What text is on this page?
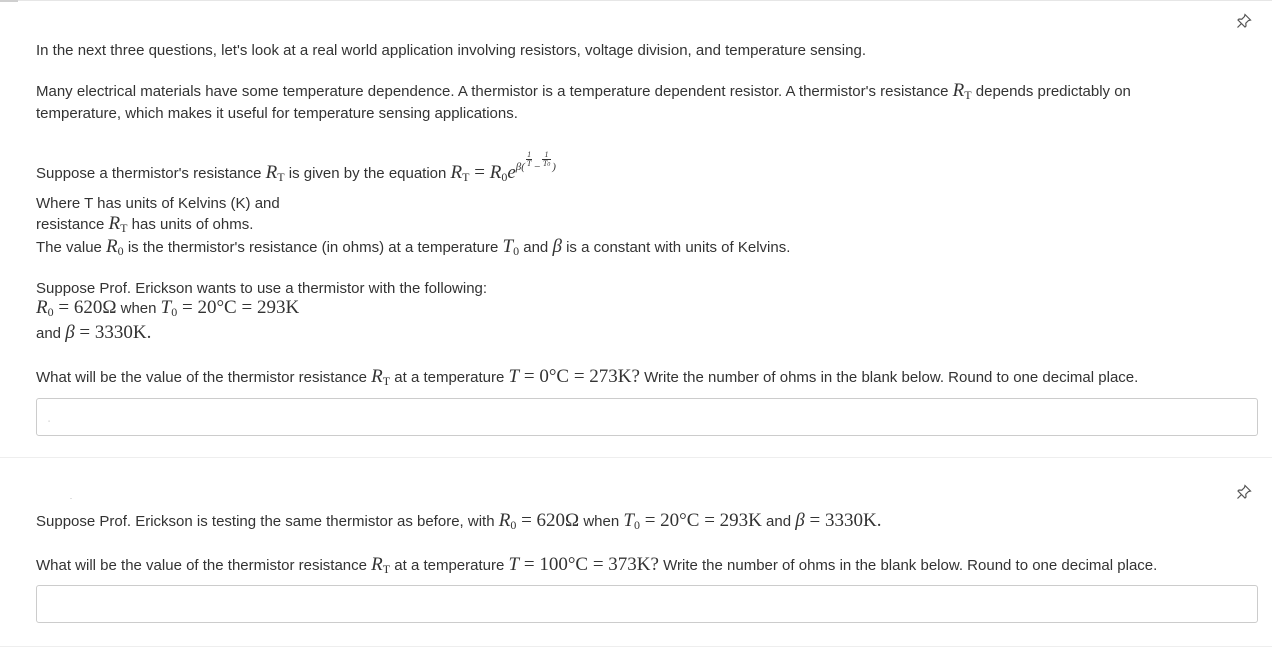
In the next three questions, let's look at a real world application involving resistors, voltage division, and temperature sensing.
Many electrical materials have some temperature dependence. A thermistor is a temperature dependent resistor. A thermistor's resistance $R_T$ depends predictably on
temperature, which makes it useful for temperature sensing applications.
Suppose a thermistor's resistance $R_T$ is given by the equation $R_T = R_0e^{\beta( \frac{1}{T} - \frac{1}{T0} )}$
Where T has units of Kelvins (K) and
resistance $R_T$ has units of ohms.
The value $R_0$ is the thermistor's resistance (in ohms) at a temperature $T_0$ and β is a constant with units of Kelvins.
Suppose Prof. Erickson wants to use a thermistor with the following:
$R_0 = 620\Omega$ when $T_0 = 20^\circ C = 293K$
and β = 3330K.
What will be the value of the thermistor resistance $R_T$ at a temperature T = 0°C = 273K? Write the number of ohms in the blank below. Round to one decimal place.
.
Suppose Prof. Erickson is testing the same thermistor as before, with $R_0 = 620\Omega$ when $T_0 = 20^\circ C = 293K$ and β = 3330K.
What will be the value of the thermistor resistance $R_T$ at a temperature T = 100°C = 373K? Write the number of ohms in the blank below. Round to one decimal place.
